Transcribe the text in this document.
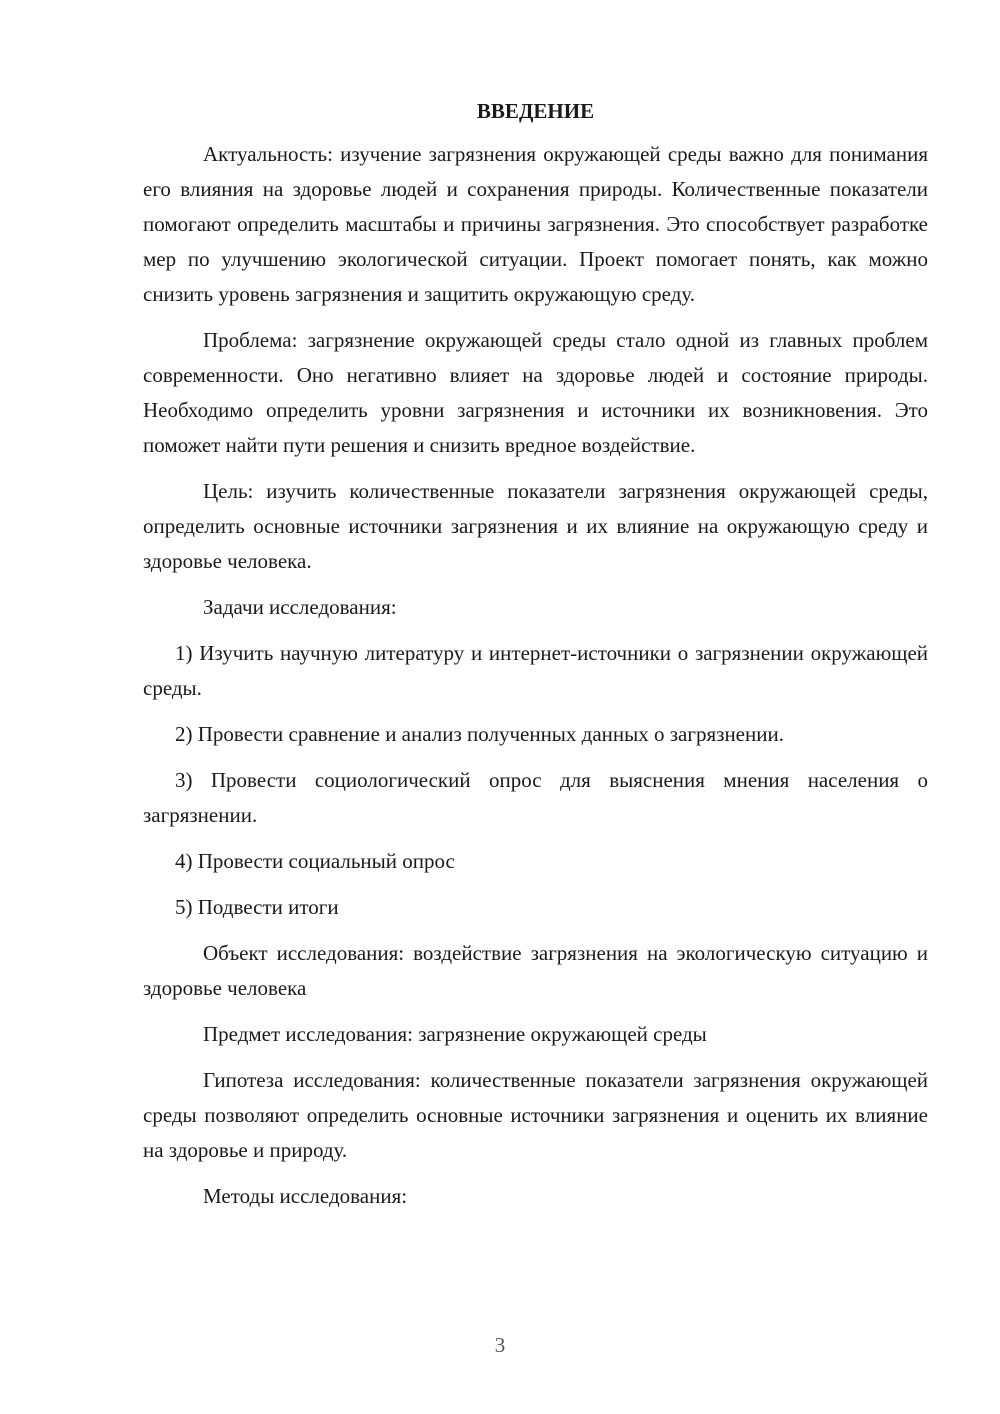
ВВЕДЕНИЕ

Актуальность: изучение загрязнения окружающей среды важно для понимания его влияния на здоровье людей и сохранения природы. Количественные показатели помогают определить масштабы и причины загрязнения. Это способствует разработке мер по улучшению экологической ситуации. Проект помогает понять, как можно снизить уровень загрязнения и защитить окружающую среду.

Проблема: загрязнение окружающей среды стало одной из главных проблем современности. Оно негативно влияет на здоровье людей и состояние природы. Необходимо определить уровни загрязнения и источники их возникновения. Это поможет найти пути решения и снизить вредное воздействие.

Цель: изучить количественные показатели загрязнения окружающей среды, определить основные источники загрязнения и их влияние на окружающую среду и здоровье человека.

Задачи исследования:

1) Изучить научную литературу и интернет-источники о загрязнении окружающей среды.

2) Провести сравнение и анализ полученных данных о загрязнении.

3) Провести социологический опрос для выяснения мнения населения о загрязнении.

4) Провести социальный опрос

5) Подвести итоги

Объект исследования: воздействие загрязнения на экологическую ситуацию и здоровье человека

Предмет исследования: загрязнение окружающей среды

Гипотеза исследования: количественные показатели загрязнения окружающей среды позволяют определить основные источники загрязнения и оценить их влияние на здоровье и природу.

Методы исследования:

3
